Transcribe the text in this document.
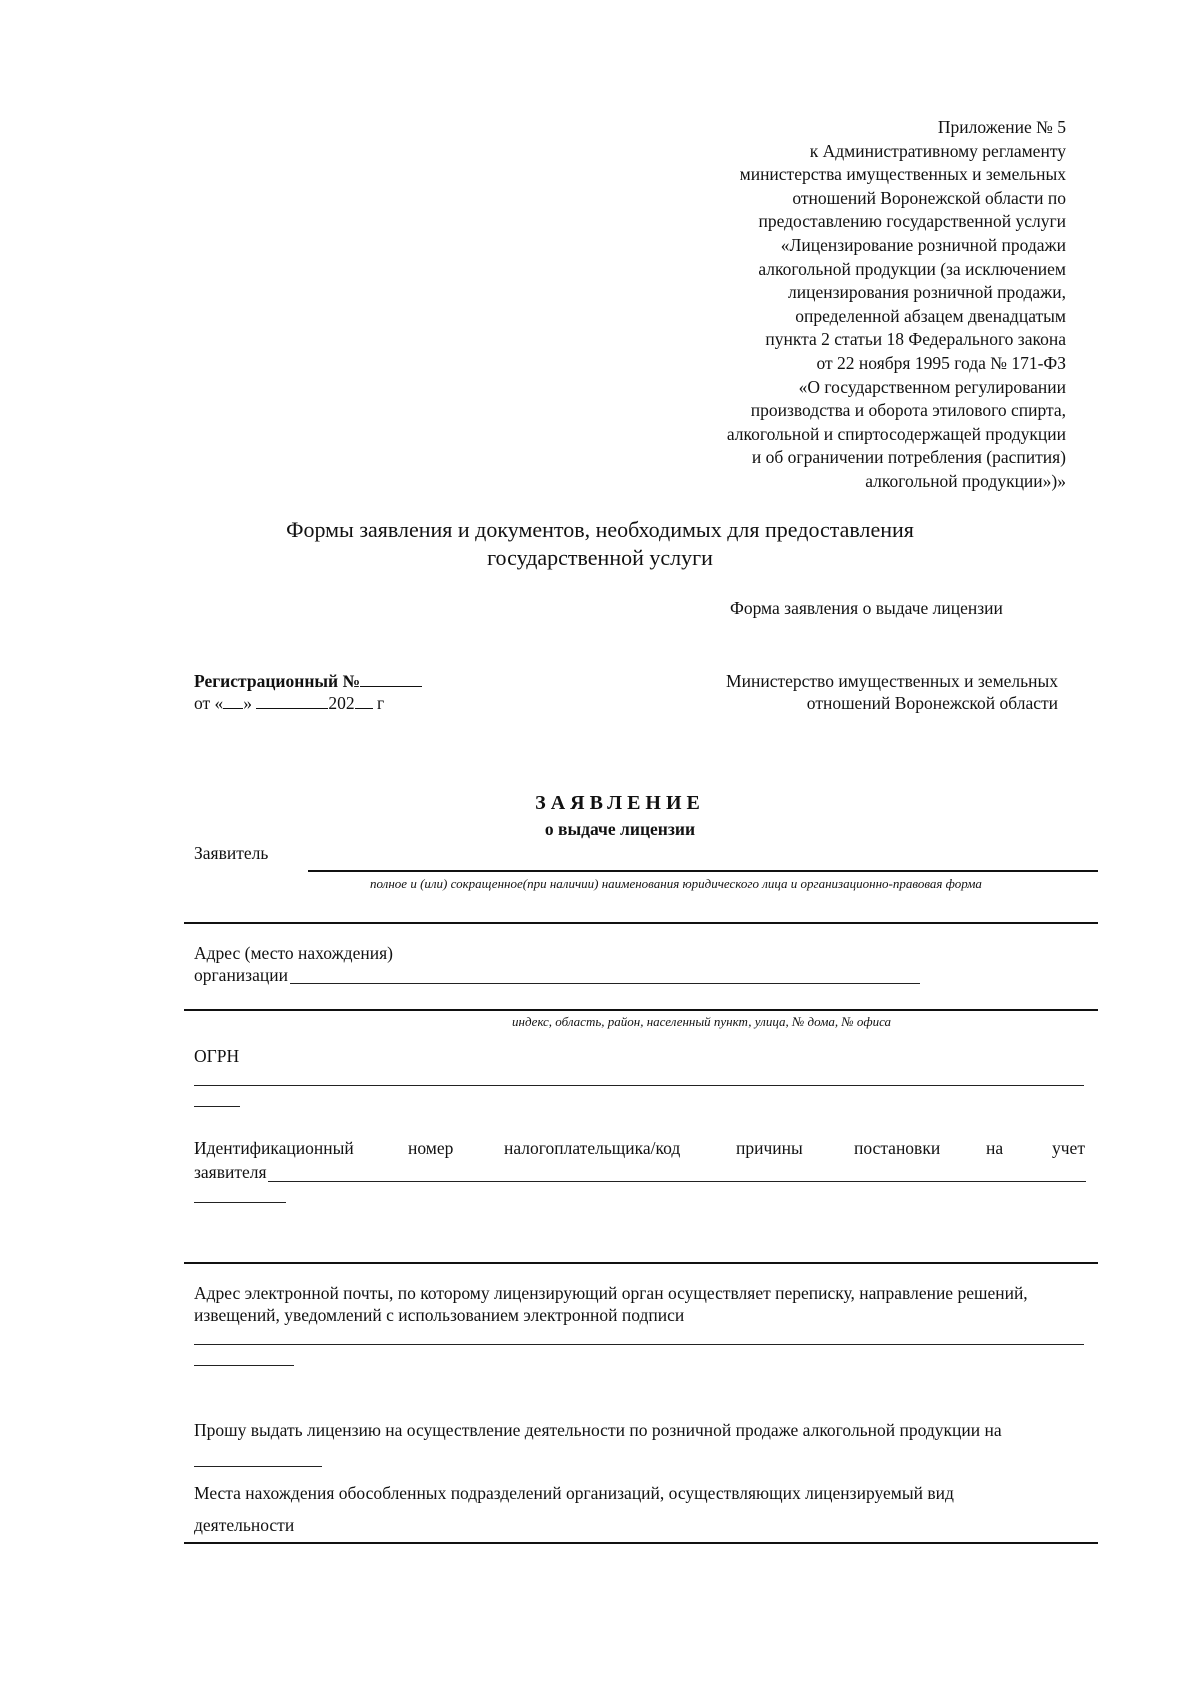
Приложение № 5
к Административному регламенту
министерства имущественных и земельных
отношений Воронежской области по
предоставлению государственной услуги
«Лицензирование розничной продажи
алкогольной продукции (за исключением
лицензирования розничной продажи,
определенной абзацем двенадцатым
пункта 2 статьи 18 Федерального закона
от 22 ноября 1995 года № 171-ФЗ
«О государственном регулировании
производства и оборота этилового спирта,
алкогольной и спиртосодержащей продукции
и об ограничении потребления (распития)
алкогольной продукции»)»
Формы заявления и документов, необходимых для предоставления
государственной услуги
Форма заявления о выдаче лицензии
Регистрационный №
от « »	202 г
Министерство имущественных и земельных
отношений Воронежской области
ЗАЯВЛЕНИЕ
о выдаче лицензии
Заявитель
полное и (или) сокращенное(при наличии) наименования юридического лица и организационно-правовая форма
Адрес (место нахождения)
организации
индекс, область, район, населенный пункт, улица, № дома, № офиса
ОГРН
Идентификационный	номер	налогоплательщика/код	причины	постановки	на	учет
заявителя
Адрес электронной почты, по которому лицензирующий орган осуществляет переписку, направление решений,
извещений, уведомлений с использованием электронной подписи
Прошу выдать лицензию на осуществление деятельности по розничной продаже алкогольной продукции на
Места нахождения обособленных подразделений организаций, осуществляющих лицензируемый вид
деятельности
